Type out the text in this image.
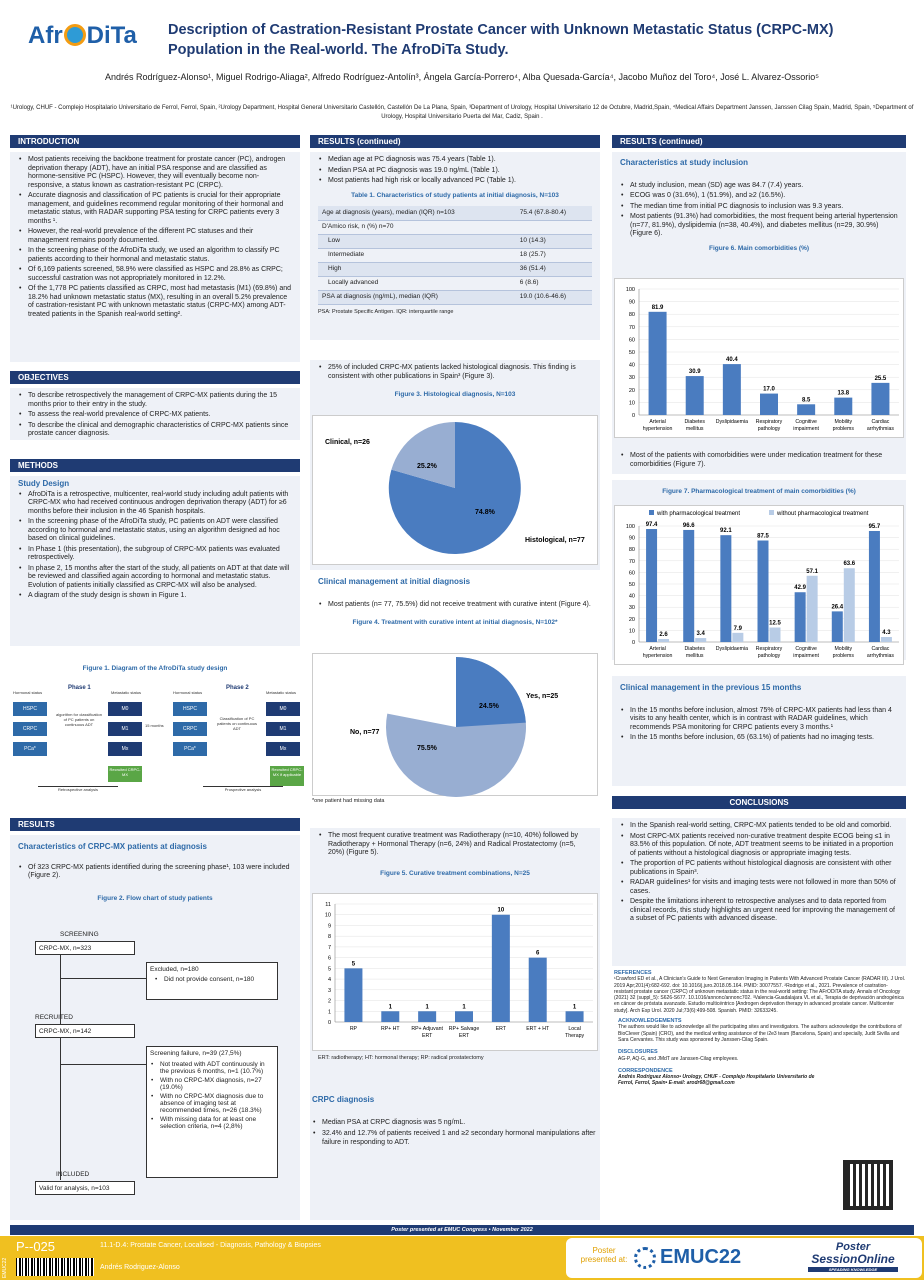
Afr DiTa	Description of Castration-Resistant Prostate Cancer with Unknown Metastatic Status (CRPC-MX) Population in the Real-world. The AfroDiTa Study.
Andrés Rodríguez-Alonso¹, Miguel Rodrigo-Aliaga², Alfredo Rodríguez-Antolín³, Ángela García-Porrero⁴, Alba Quesada-García⁴, Jacobo Muñoz del Toro⁴, José L. Alvarez-Ossorio⁵
¹Urology, CHUF - Complejo Hospitalario Universitario de Ferrol, Ferrol, Spain, ²Urology Department, Hospital General Universitario Castellón, Castellón De La Plana, Spain, ³Department of Urology, Hospital Universitario 12 de Octubre, Madrid,Spain, ⁴Medical Affairs Department Janssen, Janssen Cilag Spain, Madrid, Spain, ⁵Department of Urology, Hospital Universitario Puerta del Mar, Cadiz, Spain .
INTRODUCTION
• Most patients receiving the backbone treatment for prostate cancer (PC), androgen deprivation therapy (ADT), have an initial PSA response and are classified as hormone-sensitive PC (HSPC). However, they will eventually become non-responsive, a status known as castration-resistant PC (CRPC).
• Accurate diagnosis and classification of PC patients is crucial for their appropriate management, and guidelines recommend regular monitoring of their hormonal and metastatic status, with RADAR supporting PSA testing for CRPC patients every 3 months ¹.
• However, the real-world prevalence of the different PC statuses and their management remains poorly documented.
• In the screening phase of the AfroDiTa study, we used an algorithm to classify PC patients according to their hormonal and metastatic status.
• Of 6,169 patients screened, 58.9% were classified as HSPC and 28.8% as CRPC; successful castration was not appropriately monitored in 12.2%.
• Of the 1,778 PC patients classified as CRPC, most had metastasis (M1) (69.8%) and 18.2% had unknown metastatic status (MX), resulting in an overall 5.2% prevalence of castration-resistant PC with unknown metastatic status (CRPC-MX) among ADT-treated patients in the Spanish real-world setting².
OBJECTIVES
• To describe retrospectively the management of CRPC-MX patients during the 15 months prior to their entry in the study.
• To assess the real-world prevalence of CRPC-MX patients.
• To describe the clinical and demographic characteristics of CRPC-MX patients since prostate cancer diagnosis.
METHODS
Study Design
• AfroDiTa is a retrospective, multicenter, real-world study including adult patients with CRPC-MX who had received continuous androgen deprivation therapy (ADT) for ≥6 months before their inclusion in the 46 Spanish hospitals.
• In the screening phase of the AfroDiTa study, PC patients on ADT were classified according to hormonal and metastatic status, using an algorithm designed ad hoc based on clinical guidelines.
• In Phase 1 (this presentation), the subgroup of CRPC-MX patients was evaluated retrospectively.
• In phase 2, 15 months after the start of the study, all patients on ADT at that date will be reviewed and classified again according to hormonal and metastatic status. Evolution of patients initially classified as CRPC-MX will also be analysed.
• A diagram of the study design is shown in Figure 1.
Figure 1. Diagram of the AfroDiTa study design
Phase 1	Phase 2
Hormonal status	Metastatic status	Hormonal status	Metastatic status
HSPC
CRPC
PCa*
algorithm for classification of PC patients on continuous ADT
M0
M1
Mx
15 months
HSPC
CRPC
PCa*
Classification of PC patients on continuous ADT
M0
M1
Mx
Recruited CRPC-MX
Recruited CRPC-MX if applicable
Retrospective analysis	Prospective analysis
RESULTS
Characteristics of CRPC-MX patients at diagnosis
• Of 323 CRPC-MX patients identified during the screening phase¹, 103 were included (Figure 2).
Figure 2. Flow chart of study patients
SCREENING
CRPC-MX, n=323
Excluded, n=180
• Did not provide consent, n=180
RECRUITED
CRPC-MX, n=142
Screening failure, n=39 (27,5%)
• Not treated with ADT continuously in the previous 6 months, n=1 (10.7%)
• With no CRPC-MX diagnosis, n=27 (19.0%)
• With no CRPC-MX diagnosis due to absence of imaging test at recommended times, n=26 (18.3%)
• With missing data for at least one selection criteria, n=4 (2,8%)
INCLUDED
Valid for analysis, n=103
RESULTS (continued)
• Median age at PC diagnosis was 75.4 years (Table 1).
• Median PSA at PC diagnosis was 19.0 ng/mL (Table 1).
• Most patients had high risk or locally advanced PC (Table 1).
Table 1. Characteristics of study patients at initial diagnosis, N=103
Age at diagnosis (years), median (IQR) n=103	75.4 (67.8-80.4)
D'Amico risk, n (%) n=70	
Low	10 (14.3)
Intermediate	18 (25.7)
High	36 (51.4)
Locally advanced	6 (8.6)
PSA at diagnosis (ng/mL), median (IQR)	19.0 (10.6-46.6)
PSA: Prostate Specific Antigen. IQR: interquartile range
• 25% of included CRPC-MX patients lacked histological diagnosis. This finding is consistent with other publications in Spain³ (Figure 3).
Figure 3. Histological diagnosis, N=103
Clinical, n=26
Histological, n=77
25.2%
74.8%
Clinical management at initial diagnosis
• Most patients (n= 77, 75.5%) did not receive treatment with curative intent (Figure 4).
Figure 4. Treatment with curative intent at initial diagnosis, N=102*
Yes, n=25
No, n=77
24.5%
75.5%
*one patient had missing data
• The most frequent curative treatment was Radiotherapy (n=10, 40%) followed by Radiotherapy + Hormonal Therapy (n=6, 24%) and Radical Prostatectomy (n=5, 20%) (Figure 5).
Figure 5. Curative treatment combinations, N=25
0
1
2
3
4
5
6
7
8
9
10
11
5
RP
1
RP+ HT
1
RP+ Adjuvant
ERT
1
RP+ Salvage
ERT
10
ERT
6
ERT + HT
1
Local
Therapy
ERT: radiotherapy; HT: hormonal therapy; RP: radical prostatectomy
CRPC diagnosis
• Median PSA at CRPC diagnosis was 5 ng/mL.
• 32.4% and 12.7% of patients received 1 and ≥2 secondary hormonal manipulations after failure in responding to ADT.
RESULTS (continued)
Characteristics at study inclusion
• At study inclusion, mean (SD) age was 84.7 (7.4) years.
• ECOG was 0 (31.6%), 1 (51.9%), and ≥2 (16.5%).
• The median time from initial PC diagnosis to inclusion was 9.3 years.
• Most patients (91.3%) had comorbidities, the most frequent being arterial hypertension (n=77, 81.9%), dyslipidemia (n=38, 40.4%), and diabetes mellitus (n=29, 30.9%) (Figure 6).
Figure 6. Main comorbidities (%)
0
10
20
30
40
50
60
70
80
90
100
81.9
Arterial
hypertension
30.9
Diabetes
mellitus
40.4
Dyslipidaemia
17.0
Respiratory
pathology
8.5
Cognitive
impairment
13.8
Mobility
problems
25.5
Cardiac
arrhythmias
• Most of the patients with comorbidities were under medication treatment for these comorbidities (Figure 7).
Figure 7. Pharmacological treatment of main comorbidities (%)
0
10
20
30
40
50
60
70
80
90
100 97.4
2.6
Arterial
hypertension
96.6
3.4
Diabetes
mellitus
92.1
7.9
Dyslipidaemia
87.5
12.5
Respiratory
pathology
42.9
57.1
Cognitive
impairment
26.4
63.6
Mobility
problems
95.7
4.3
Cardiac
arrhythmias
with pharmacological treatment	without pharmacological treatment
Clinical management in the previous 15 months
• In the 15 months before inclusion, almost 75% of CRPC-MX patients had less than 4 visits to any health center, which is in contrast with RADAR guidelines, which recommends PSA monitoring for CRPC patients every 3 months.¹
• In the 15 months before inclusion, 65 (63.1%) of patients had no imaging tests.
CONCLUSIONS
• In the Spanish real-world setting, CRPC-MX patients tended to be old and comorbid.
• Most CRPC-MX patients received non-curative treatment despite ECOG being ≤1 in 83.5% of this population. Of note, ADT treatment seems to be initiated in a proportion of patients without a histological diagnosis or appropriate imaging tests.
• The proportion of PC patients without histological diagnosis are consistent with other publications in Spain³.
• RADAR guidelines¹ for visits and imaging tests were not followed in more than 50% of cases.
• Despite the limitations inherent to retrospective analyses and to data reported from clinical records, this study highlights an urgent need for improving the management of a subset of PC patients with advanced disease.
REFERENCES
¹Crawford ED et al., A Clinician's Guide to Next Generation Imaging in Patients With Advanced Prostate Cancer (RADAR III). J Urol. 2019 Apr;201(4):682-692. doi: 10.1016/j.juro.2018.05.164. PMID: 30077557. ²Rodrigo et al., 2021. Prevalence of castration-resistant prostate cancer (CRPC) of unknown metastatic status in the real-world setting: The AFrODiTA study. Annals of Oncology (2021) 32 (suppl_5): S626-S677. 10.1016/annonc/annonc702. ³Valencia-Guadalajara VL et al., Terapia de deprivación androgénica en cáncer de próstata avanzado. Estudio multicéntrico [Androgen deprivation therapy in advanced prostate cancer. Multicenter study]. Arch Esp Urol. 2020 Jul;73(6):499-508. Spanish. PMID: 32633245.
ACKNOWLEDGEMENTS
The authors would like to acknowledge all the participating sites and investigators. The authors acknowledge the contributions of BioClever (Spain) (CRO), and the medical writing assistance of the i2e3 team (Barcelona, Spain) and specially, Judit Sivilla and Sara Cervantes. This study was sponsored by Janssen-Cilag Spain.
DISCLOSURES
AG-P, AQ-G, and JMdT are Janssen-Cilag employees.
CORRESPONDENCE
Andrés Rodríguez Alonso• Urology, CHUF - Complejo Hospitalario Universitario de Ferrol, Ferrol, Spain• E-mail: arodr68@gmail.com
Poster presented at EMUC Congress • November 2022
EMUC22
P--025	11.1-D.4: Prostate Cancer, Localised - Diagnosis, Pathology & Biopsies
Andrés Rodriguez-Alonso
Poster presented at:	EMUC22	Poster
SessionOnline
SPEADING KNOWLEDGE
